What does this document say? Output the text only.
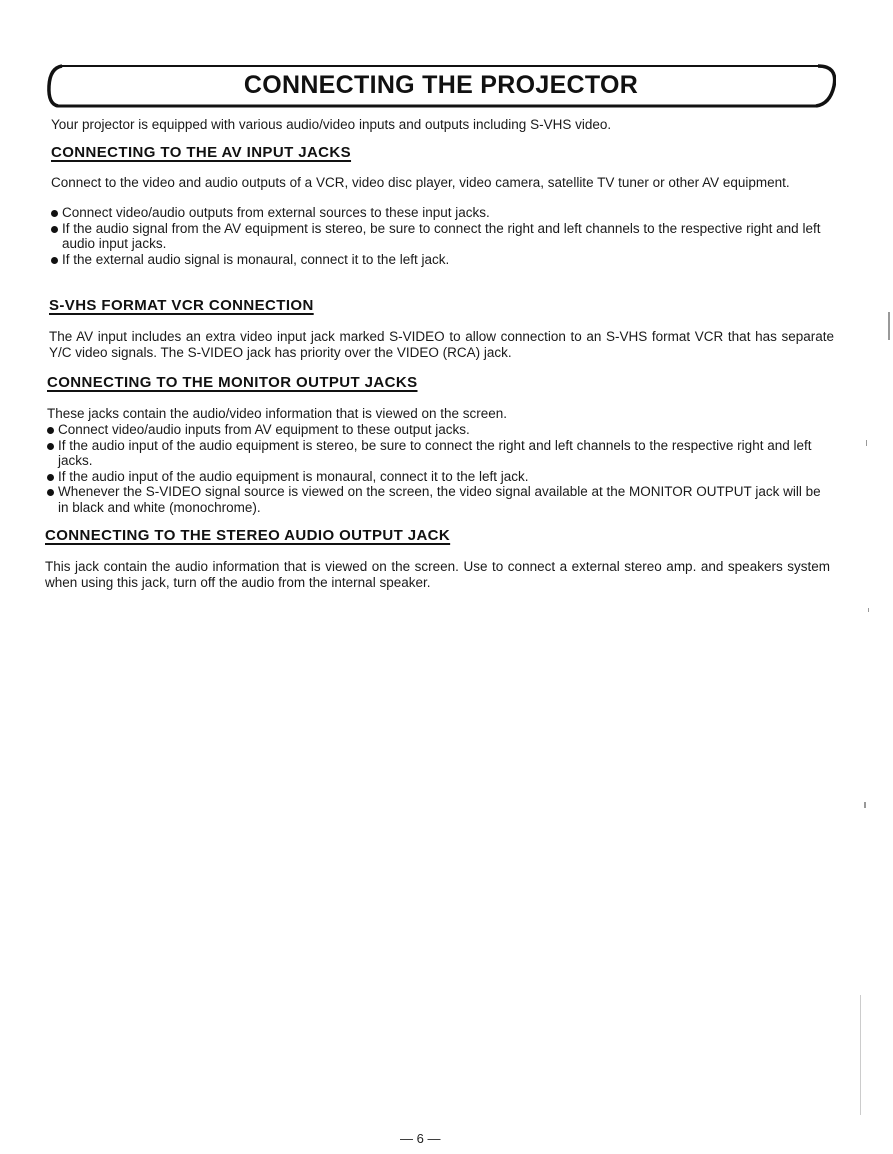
CONNECTING THE PROJECTOR

Your projector is equipped with various audio/video inputs and outputs including S-VHS video.

CONNECTING TO THE AV INPUT JACKS

Connect to the video and audio outputs of a VCR, video disc player, video camera, satellite TV tuner or other AV equipment.

Connect video/audio outputs from external sources to these input jacks.
If the audio signal from the AV equipment is stereo, be sure to connect the right and left channels to the respective right and left audio input jacks.
If the external audio signal is monaural, connect it to the left jack.
S-VHS FORMAT VCR CONNECTION

The AV input includes an extra video input jack marked S-VIDEO to allow connection to an S-VHS format VCR that has separate Y/C video signals. The S-VIDEO jack has priority over the VIDEO (RCA) jack.

CONNECTING TO THE MONITOR OUTPUT JACKS

These jacks contain the audio/video information that is viewed on the screen.

Connect video/audio inputs from AV equipment to these output jacks.
If the audio input of the audio equipment is stereo, be sure to connect the right and left channels to the respective right and left jacks.
If the audio input of the audio equipment is monaural, connect it to the left jack.
Whenever the S-VIDEO signal source is viewed on the screen, the video signal available at the MONITOR OUTPUT jack will be in black and white (monochrome).
CONNECTING TO THE STEREO AUDIO OUTPUT JACK

This jack contain the audio information that is viewed on the screen. Use to connect a external stereo amp. and speakers system when using this jack, turn off the audio from the internal speaker.

— 6 —
